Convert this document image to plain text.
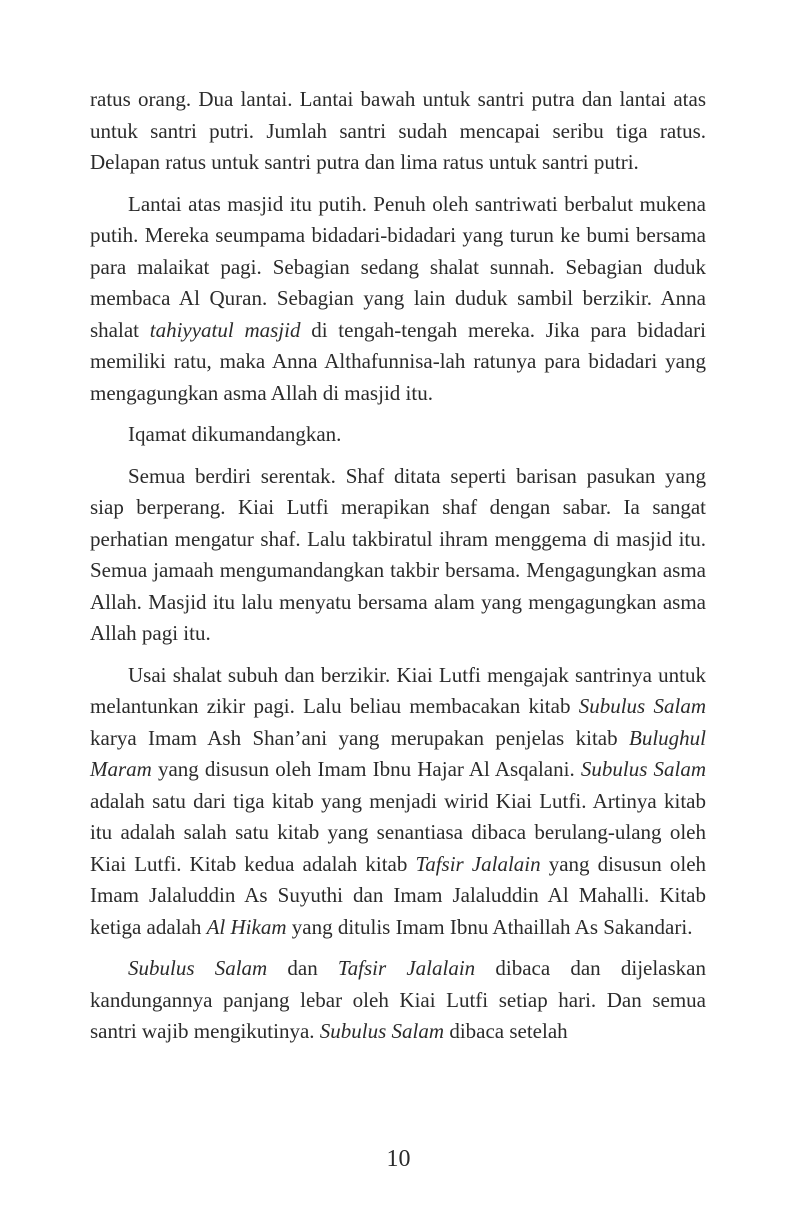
ratus orang. Dua lantai. Lantai bawah untuk santri putra dan lantai atas untuk santri putri. Jumlah santri sudah mencapai seribu tiga ratus. Delapan ratus untuk santri putra dan lima ratus untuk santri putri.

Lantai atas masjid itu putih. Penuh oleh santriwati berbalut mukena putih. Mereka seumpama bidadari-bidadari yang turun ke bumi bersama para malaikat pagi. Sebagian sedang shalat sunnah. Sebagian duduk membaca Al Quran. Sebagian yang lain duduk sambil berzikir. Anna shalat tahiyyatul masjid di tengah-tengah mereka. Jika para bidadari memiliki ratu, maka Anna Althafunnisa-lah ratunya para bidadari yang mengagungkan asma Allah di masjid itu.

Iqamat dikumandangkan.

Semua berdiri serentak. Shaf ditata seperti barisan pasukan yang siap berperang. Kiai Lutfi merapikan shaf dengan sabar. Ia sangat perhatian mengatur shaf. Lalu takbiratul ihram menggema di masjid itu. Semua jamaah mengumandangkan takbir bersama. Mengagungkan asma Allah. Masjid itu lalu menyatu bersama alam yang mengagungkan asma Allah pagi itu.

Usai shalat subuh dan berzikir. Kiai Lutfi mengajak santrinya untuk melantunkan zikir pagi. Lalu beliau membacakan kitab Subulus Salam karya Imam Ash Shan’ani yang merupakan penjelas kitab Bulughul Maram yang disusun oleh Imam Ibnu Hajar Al Asqalani. Subulus Salam adalah satu dari tiga kitab yang menjadi wirid Kiai Lutfi. Artinya kitab itu adalah salah satu kitab yang senantiasa dibaca berulang-ulang oleh Kiai Lutfi. Kitab kedua adalah kitab Tafsir Jalalain yang disusun oleh Imam Jalaluddin As Suyuthi dan Imam Jalaluddin Al Mahalli. Kitab ketiga adalah Al Hikam yang ditulis Imam Ibnu Athaillah As Sakandari.

Subulus Salam dan Tafsir Jalalain dibaca dan dijelaskan kandungannya panjang lebar oleh Kiai Lutfi setiap hari. Dan semua santri wajib mengikutinya. Subulus Salam dibaca setelah

10
